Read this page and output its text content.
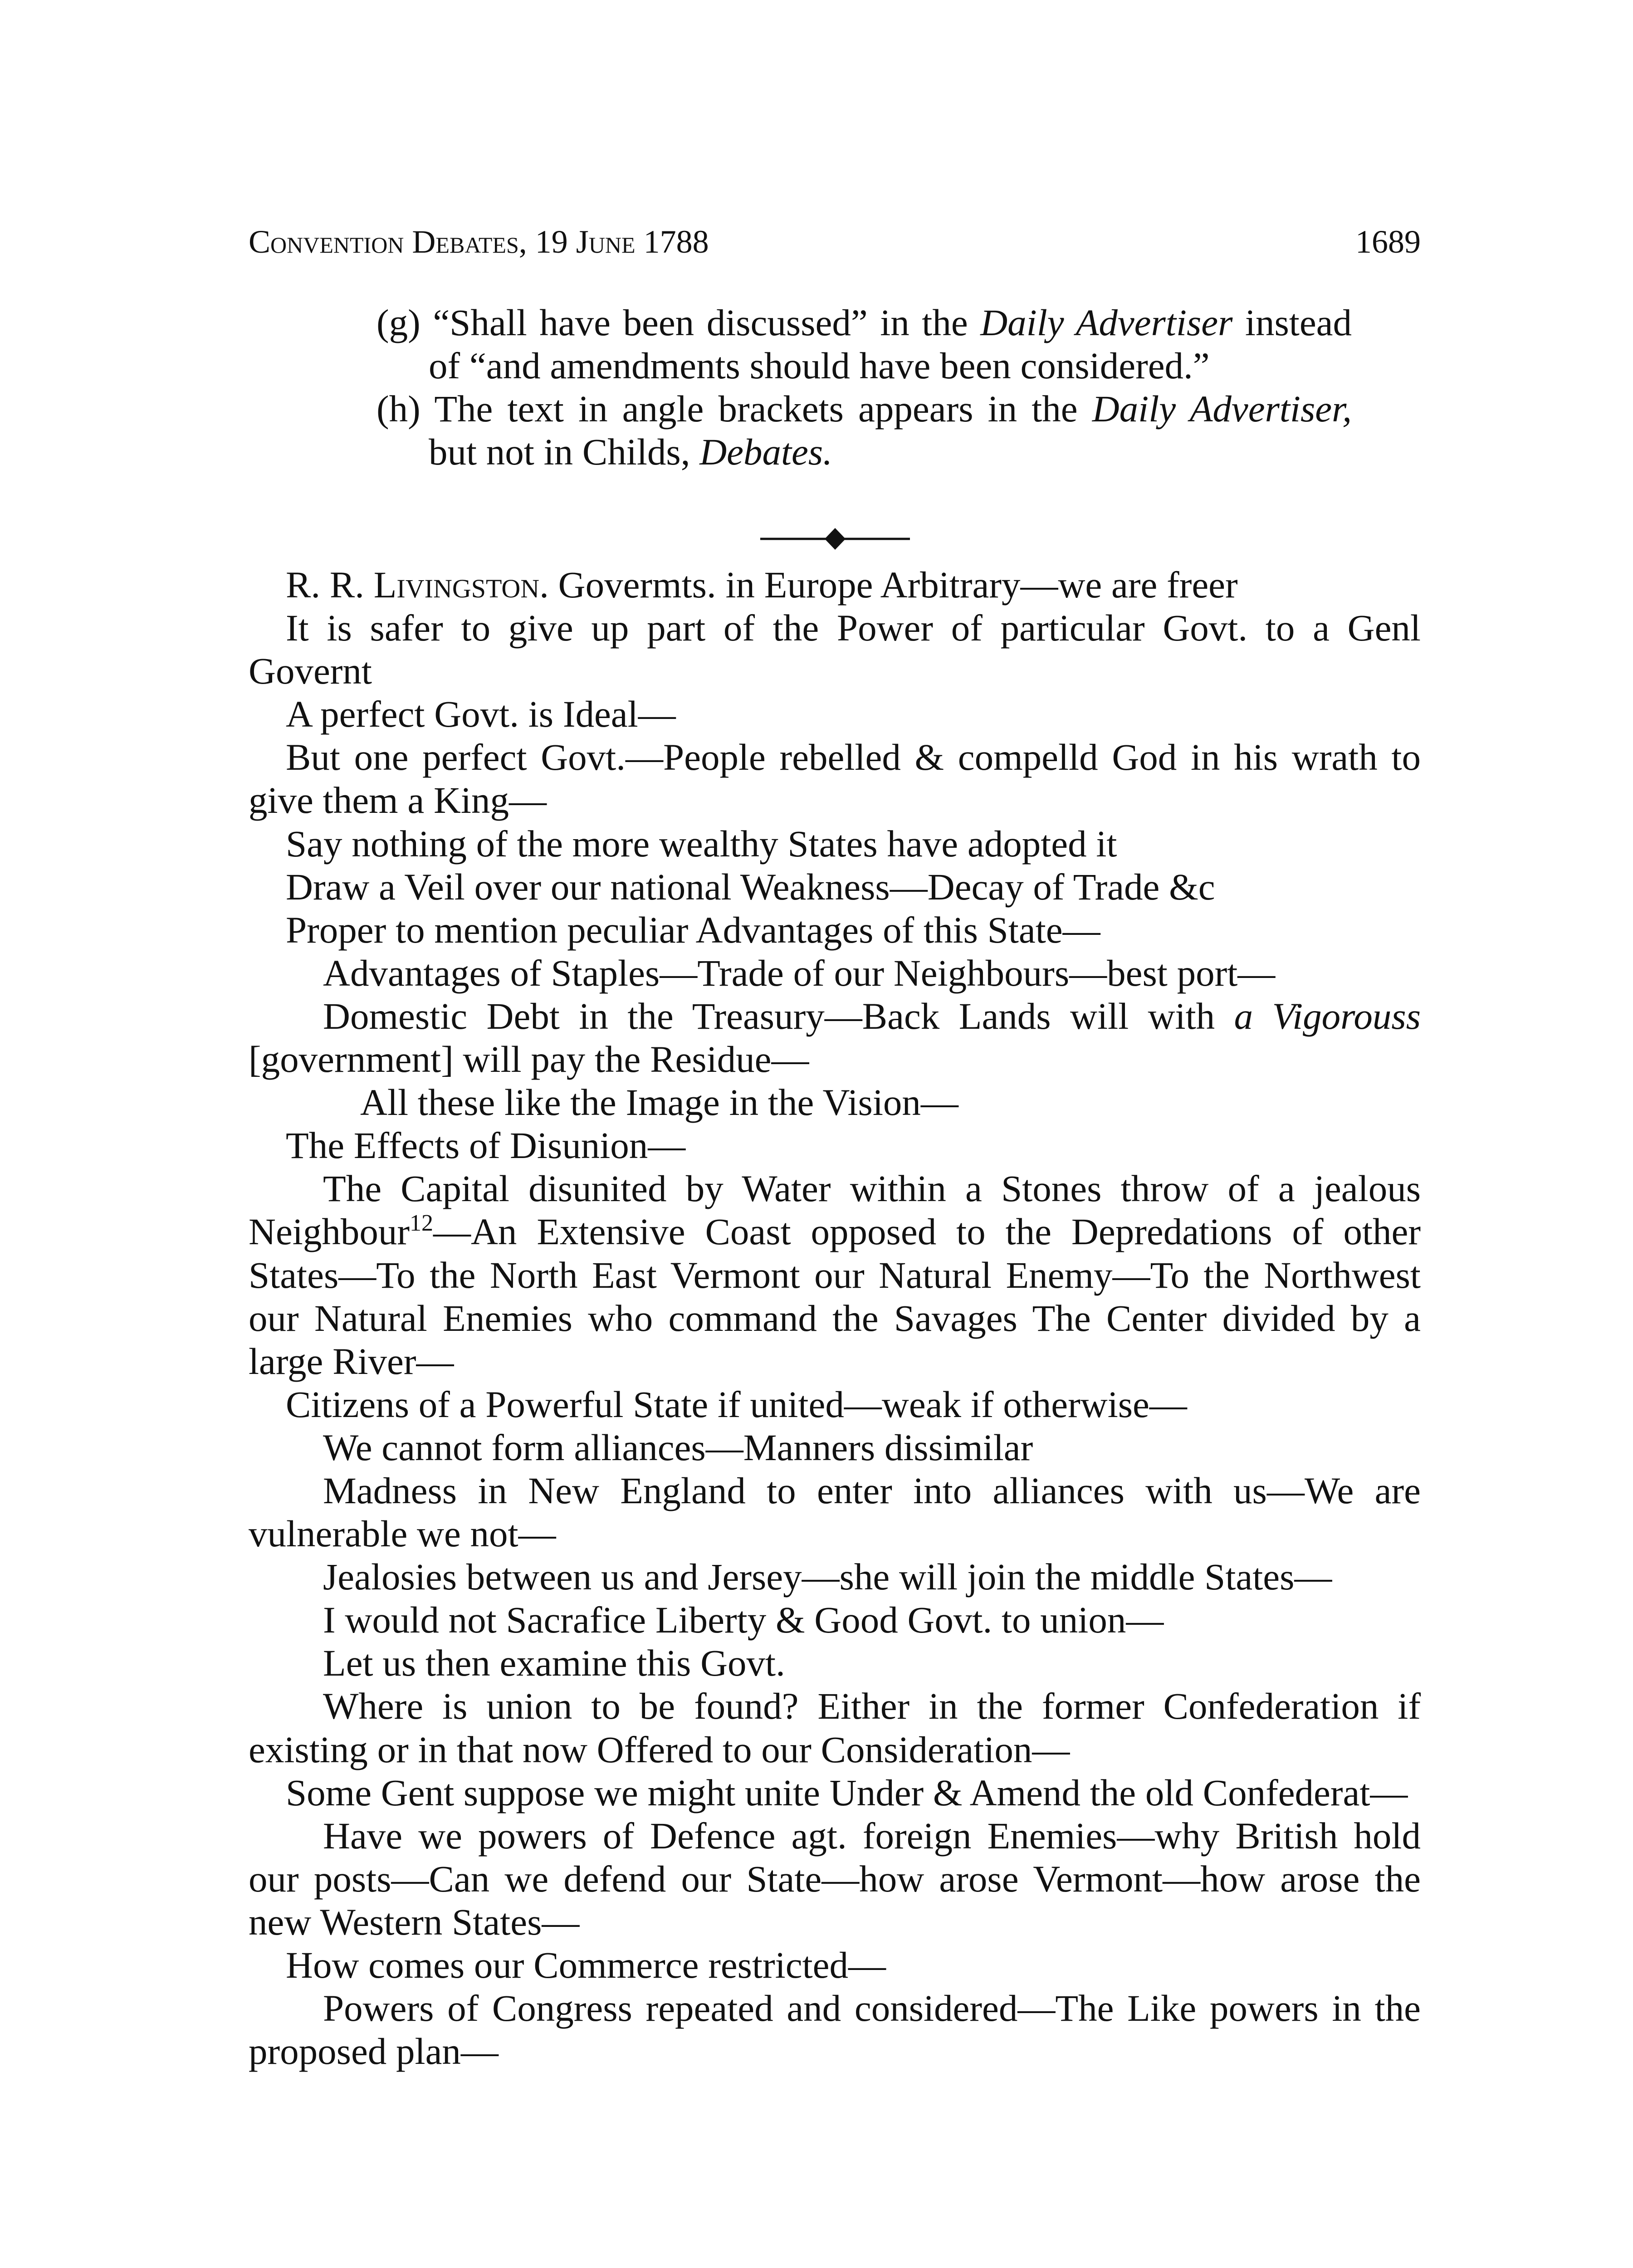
Convention Debates, 19 June 1788	1689

(g) “Shall have been discussed” in the Daily Advertiser instead of “and amendments should have been considered.”

(h) The text in angle brackets appears in the Daily Advertiser, but not in Childs, Debates.

R. R. Livingston. Govermts. in Europe Arbitrary—we are freer

It is safer to give up part of the Power of particular Govt. to a Genl Governt

A perfect Govt. is Ideal—

But one perfect Govt.—People rebelled & compelld God in his wrath to give them a King—

Say nothing of the more wealthy States have adopted it

Draw a Veil over our national Weakness—Decay of Trade &c

Proper to mention peculiar Advantages of this State—

Advantages of Staples—Trade of our Neighbours—best port—

Domestic Debt in the Treasury—Back Lands will with a Vigorouss [government] will pay the Residue—

All these like the Image in the Vision—

The Effects of Disunion—

The Capital disunited by Water within a Stones throw of a jealous Neighbour$^{12}$—An Extensive Coast opposed to the Depredations of other States—To the North East Vermont our Natural Enemy—To the Northwest our Natural Enemies who command the Savages The Center divided by a large River—

Citizens of a Powerful State if united—weak if otherwise—

We cannot form alliances—Manners dissimilar

Madness in New England to enter into alliances with us—We are vulnerable we not—

Jealosies between us and Jersey—she will join the middle States—

I would not Sacrafice Liberty & Good Govt. to union—

Let us then examine this Govt.

Where is union to be found? Either in the former Confederation if existing or in that now Offered to our Consideration—

Some Gent suppose we might unite Under & Amend the old Confederat—

Have we powers of Defence agt. foreign Enemies—why British hold our posts—Can we defend our State—how arose Vermont—how arose the new Western States—

How comes our Commerce restricted—

Powers of Congress repeated and considered—The Like powers in the proposed plan—
